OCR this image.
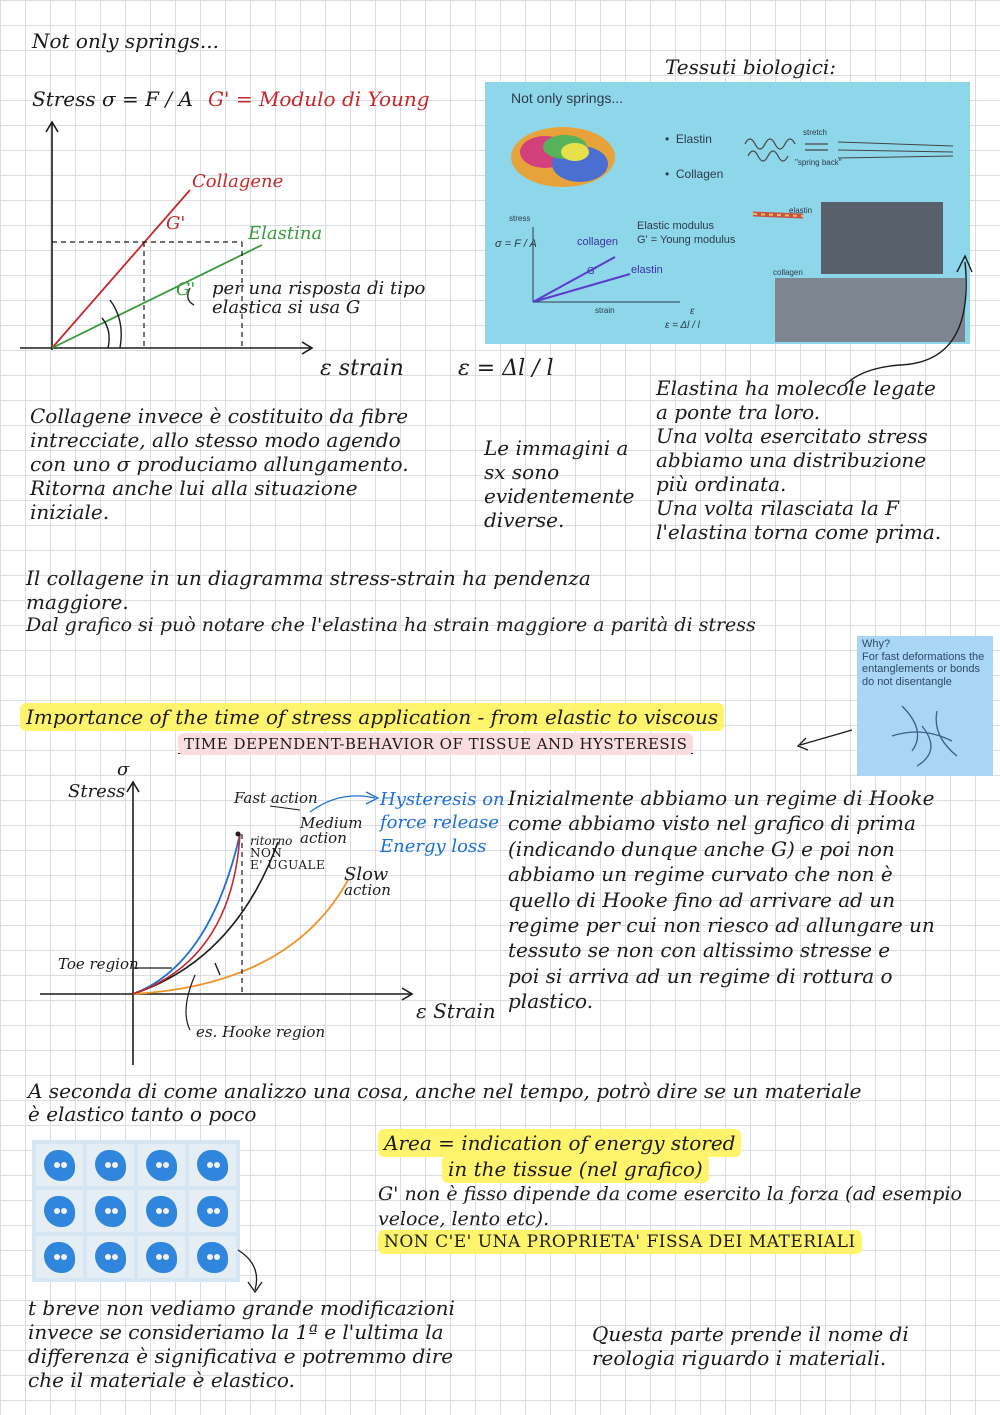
Not only springs...
Tessuti biologici:
Stress σ = F / A G' = Modulo di Young
Collagene
G'	Elastina
G' per una risposta di tipo
elastica si usa G
ε strain ε = Δl / l
Not only springs...
•  Elastin
•  Collagen
stretch
"spring back"
stress
σ = F / A	collagen
elastin
G'
Elastic modulus
G' = Young modulus
strain	ε
ε = Δl / l
elastin
collagen
Collagene invece è costituito da fibre
intrecciate, allo stesso modo agendo
con uno σ produciamo allungamento.
Ritorna anche lui alla situazione
iniziale.
Le immagini a
sx sono
evidentemente
diverse.
Elastina ha molecole legate
a ponte tra loro.
Una volta esercitato stress
abbiamo una distribuzione
più ordinata.
Una volta rilasciata la F
l'elastina torna come prima.
Il collagene in un diagramma stress-strain ha pendenza
maggiore.
Dal grafico si può notare che l'elastina ha strain maggiore a parità di stress
Why?
For fast deformations the entanglements or bonds do not disentangle
Importance of the time of stress application - from elastic to viscous
TIME DEPENDENT-BEHAVIOR OF TISSUE AND HYSTERESIS
σ
Stress	Fast action
Medium
action
ritorno
NON
E' UGUALE Slow
action
Toe region
es. Hooke region
ε Strain
Hysteresis on
force release
Energy loss
Inizialmente abbiamo un regime di Hooke
come abbiamo visto nel grafico di prima
(indicando dunque anche G) e poi non
abbiamo un regime curvato che non è
quello di Hooke fino ad arrivare ad un
regime per cui non riesco ad allungare un
tessuto se non con altissimo stresse e
poi si arriva ad un regime di rottura o
plastico.
A seconda di come analizzo una cosa, anche nel tempo, potrò dire se un materiale
è elastico tanto o poco
Area = indication of energy stored
in the tissue (nel grafico)
G' non è fisso dipende da come esercito la forza (ad esempio
veloce, lento etc).
NON C'E' UNA PROPRIETA' FISSA DEI MATERIALI
t breve non vediamo grande modificazioni
invece se consideriamo la 1ª e l'ultima la
differenza è significativa e potremmo dire
che il materiale è elastico.
Questa parte prende il nome di
reologia riguardo i materiali.
